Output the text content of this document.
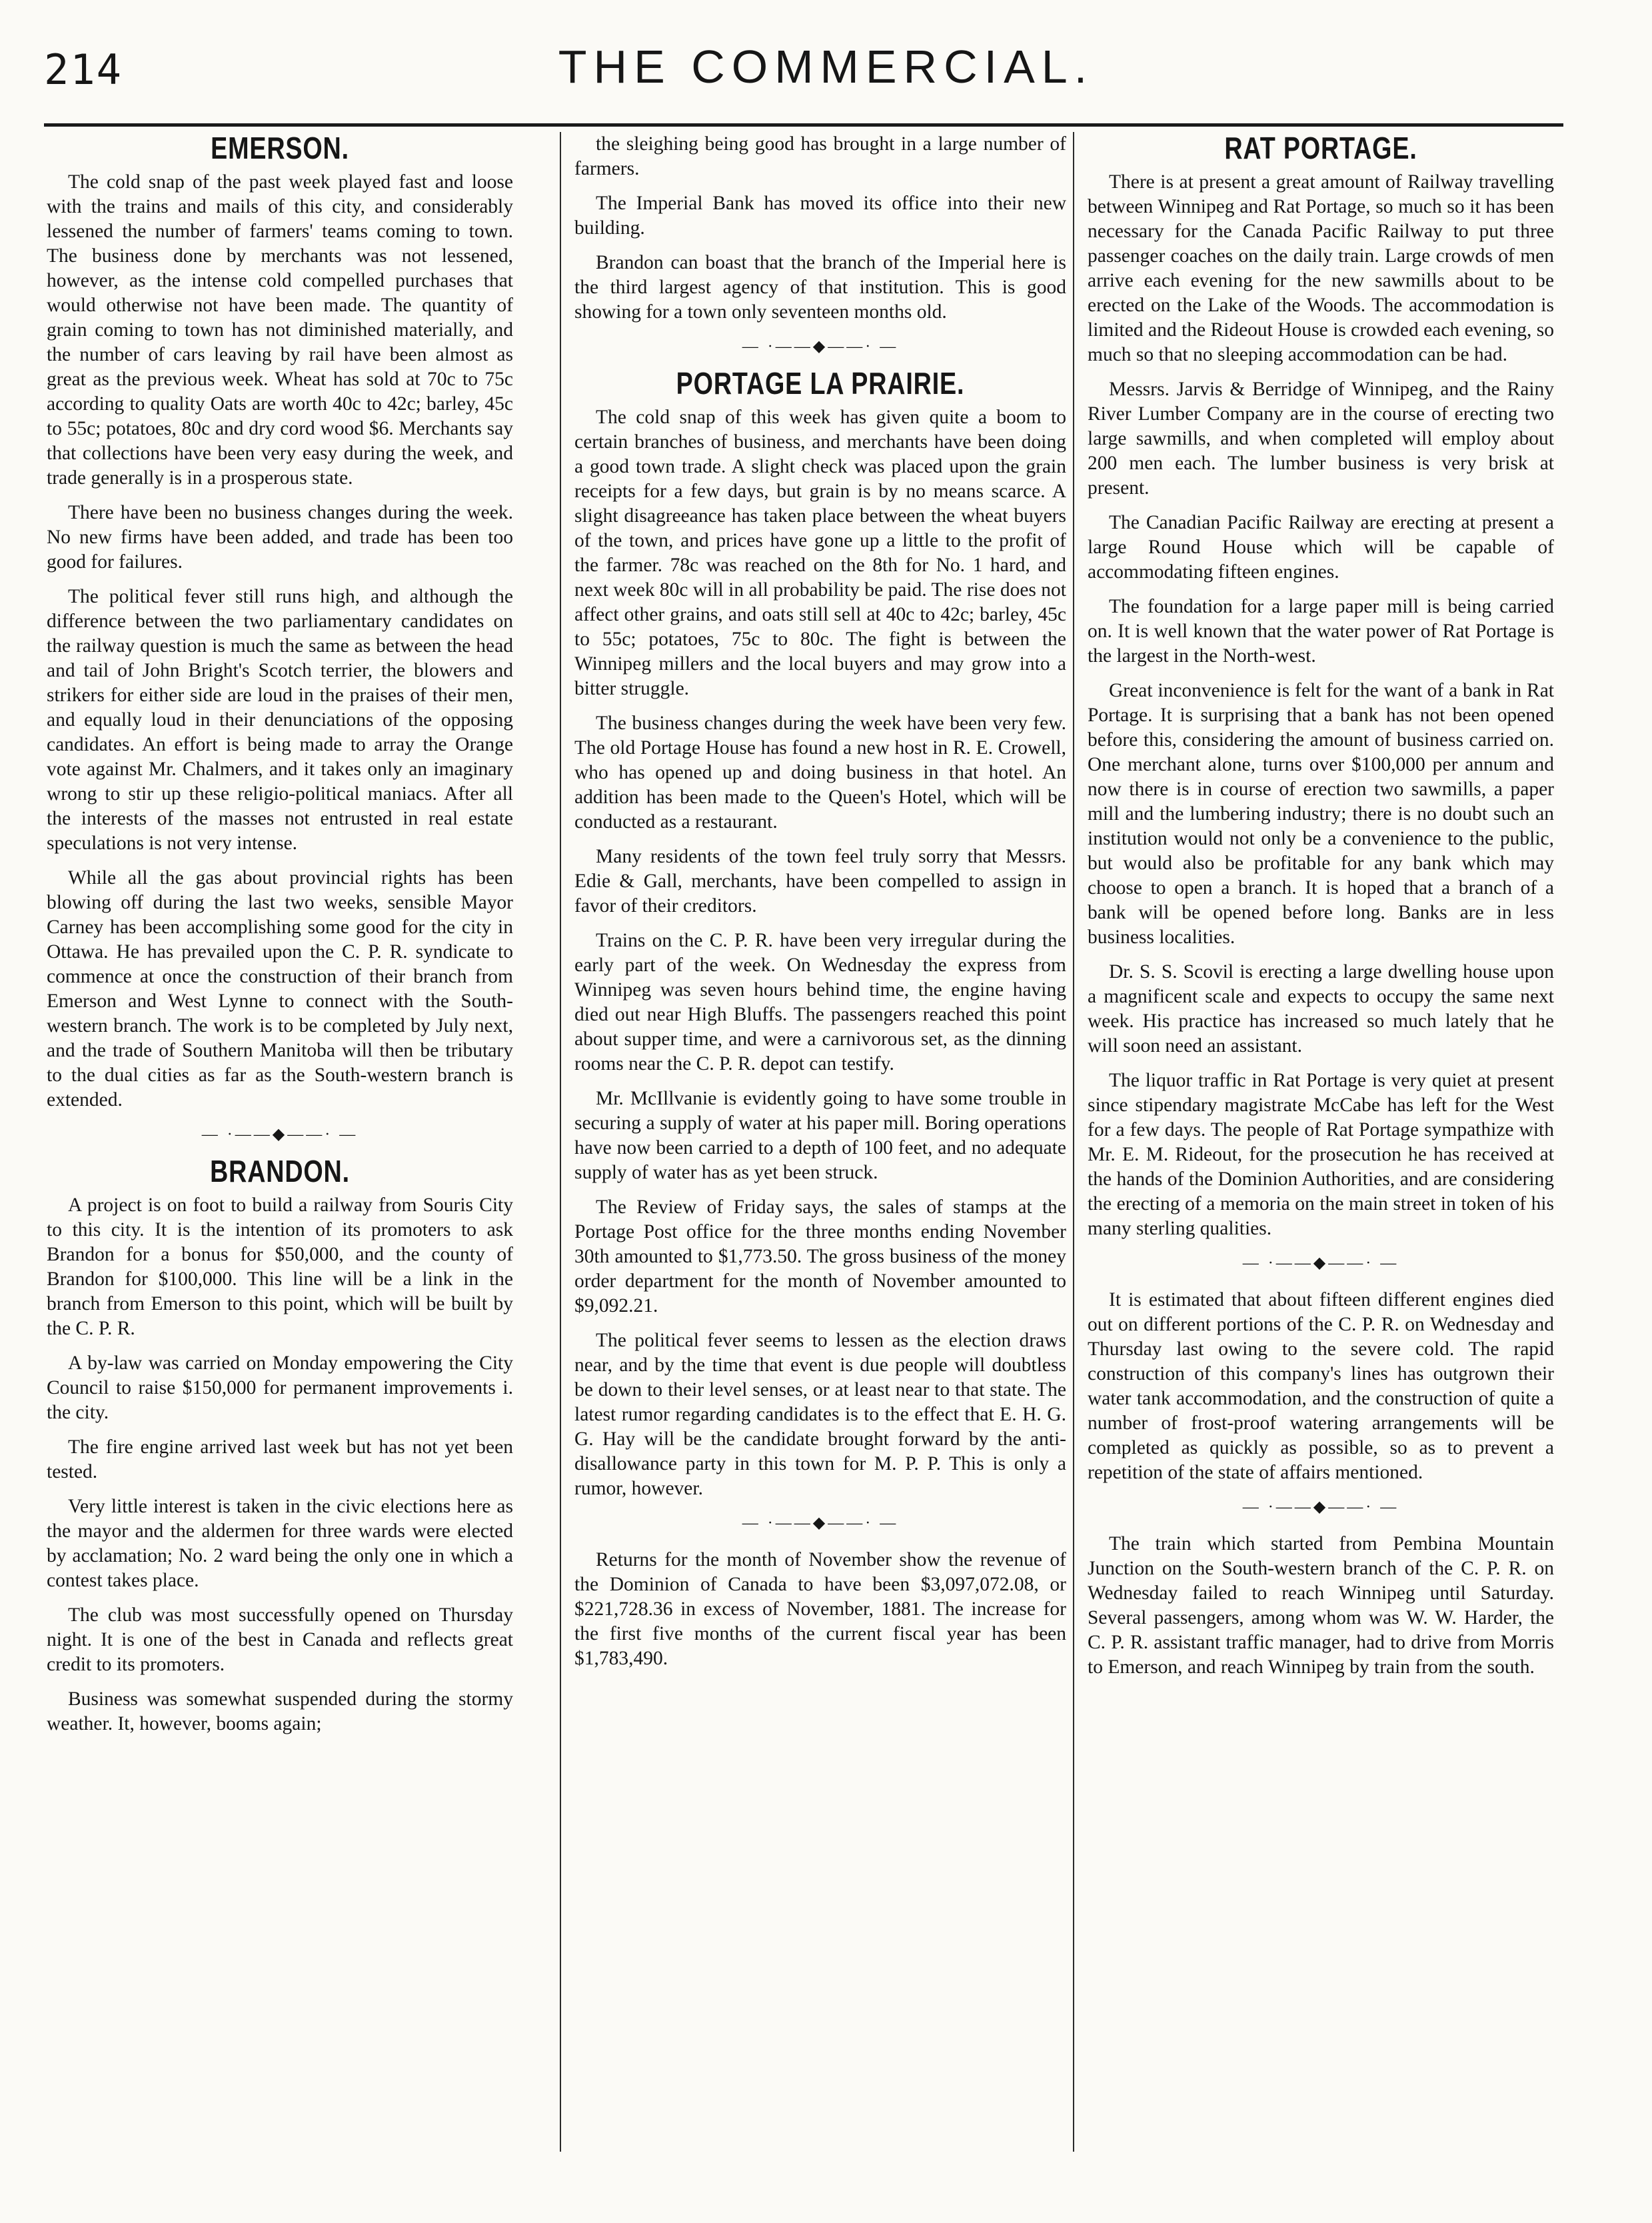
214	THE COMMERCIAL.
EMERSON.

The cold snap of the past week played fast and loose with the trains and mails of this city, and considerably lessened the number of farmers' teams coming to town. The business done by merchants was not lessened, however, as the intense cold compelled purchases that would otherwise not have been made. The quantity of grain coming to town has not diminished materially, and the number of cars leaving by rail have been almost as great as the previous week. Wheat has sold at 70c to 75c according to quality Oats are worth 40c to 42c; barley, 45c to 55c; potatoes, 80c and dry cord wood $6. Merchants say that collections have been very easy during the week, and trade generally is in a prosperous state.

There have been no business changes during the week. No new firms have been added, and trade has been too good for failures.

The political fever still runs high, and although the difference between the two parliamentary candidates on the railway question is much the same as between the head and tail of John Bright's Scotch terrier, the blowers and strikers for either side are loud in the praises of their men, and equally loud in their denunciations of the opposing candidates. An effort is being made to array the Orange vote against Mr. Chalmers, and it takes only an imaginary wrong to stir up these religio-political maniacs. After all the interests of the masses not entrusted in real estate speculations is not very intense.

While all the gas about provincial rights has been blowing off during the last two weeks, sensible Mayor Carney has been accomplishing some good for the city in Ottawa. He has prevailed upon the C. P. R. syndicate to commence at once the construction of their branch from Emerson and West Lynne to connect with the South-western branch. The work is to be completed by July next, and the trade of Southern Manitoba will then be tributary to the dual cities as far as the South-western branch is extended.

— ·——◆——· —
BRANDON.

A project is on foot to build a railway from Souris City to this city. It is the intention of its promoters to ask Brandon for a bonus for $50,000, and the county of Brandon for $100,000. This line will be a link in the branch from Emerson to this point, which will be built by the C. P. R.

A by-law was carried on Monday empowering the City Council to raise $150,000 for permanent improvements i. the city.

The fire engine arrived last week but has not yet been tested.

Very little interest is taken in the civic elections here as the mayor and the aldermen for three wards were elected by acclamation; No. 2 ward being the only one in which a contest takes place.

The club was most successfully opened on Thursday night. It is one of the best in Canada and reflects great credit to its promoters.

Business was somewhat suspended during the stormy weather. It, however, booms again;

the sleighing being good has brought in a large number of farmers.

The Imperial Bank has moved its office into their new building.

Brandon can boast that the branch of the Imperial here is the third largest agency of that institution. This is good showing for a town only seventeen months old.

— ·——◆——· —
PORTAGE LA PRAIRIE.

The cold snap of this week has given quite a boom to certain branches of business, and merchants have been doing a good town trade. A slight check was placed upon the grain receipts for a few days, but grain is by no means scarce. A slight disagreeance has taken place between the wheat buyers of the town, and prices have gone up a little to the profit of the farmer. 78c was reached on the 8th for No. 1 hard, and next week 80c will in all probability be paid. The rise does not affect other grains, and oats still sell at 40c to 42c; barley, 45c to 55c; potatoes, 75c to 80c. The fight is between the Winnipeg millers and the local buyers and may grow into a bitter struggle.

The business changes during the week have been very few. The old Portage House has found a new host in R. E. Crowell, who has opened up and doing business in that hotel. An addition has been made to the Queen's Hotel, which will be conducted as a restaurant.

Many residents of the town feel truly sorry that Messrs. Edie & Gall, merchants, have been compelled to assign in favor of their creditors.

Trains on the C. P. R. have been very irregular during the early part of the week. On Wednesday the express from Winnipeg was seven hours behind time, the engine having died out near High Bluffs. The passengers reached this point about supper time, and were a carnivorous set, as the dinning rooms near the C. P. R. depot can testify.

Mr. McIllvanie is evidently going to have some trouble in securing a supply of water at his paper mill. Boring operations have now been carried to a depth of 100 feet, and no adequate supply of water has as yet been struck.

The Review of Friday says, the sales of stamps at the Portage Post office for the three months ending November 30th amounted to $1,773.50. The gross business of the money order department for the month of November amounted to $9,092.21.

The political fever seems to lessen as the election draws near, and by the time that event is due people will doubtless be down to their level senses, or at least near to that state. The latest rumor regarding candidates is to the effect that E. H. G. G. Hay will be the candidate brought forward by the anti-disallowance party in this town for M. P. P. This is only a rumor, however.

— ·——◆——· —

Returns for the month of November show the revenue of the Dominion of Canada to have been $3,097,072.08, or $221,728.36 in excess of November, 1881. The increase for the first five months of the current fiscal year has been $1,783,490.

RAT PORTAGE.

There is at present a great amount of Railway travelling between Winnipeg and Rat Portage, so much so it has been necessary for the Canada Pacific Railway to put three passenger coaches on the daily train. Large crowds of men arrive each evening for the new sawmills about to be erected on the Lake of the Woods. The accommodation is limited and the Rideout House is crowded each evening, so much so that no sleeping accommodation can be had.

Messrs. Jarvis & Berridge of Winnipeg, and the Rainy River Lumber Company are in the course of erecting two large sawmills, and when completed will employ about 200 men each. The lumber business is very brisk at present.

The Canadian Pacific Railway are erecting at present a large Round House which will be capable of accommodating fifteen engines.

The foundation for a large paper mill is being carried on. It is well known that the water power of Rat Portage is the largest in the North-west.

Great inconvenience is felt for the want of a bank in Rat Portage. It is surprising that a bank has not been opened before this, considering the amount of business carried on. One merchant alone, turns over $100,000 per annum and now there is in course of erection two sawmills, a paper mill and the lumbering industry; there is no doubt such an institution would not only be a convenience to the public, but would also be profitable for any bank which may choose to open a branch. It is hoped that a branch of a bank will be opened before long. Banks are in less business localities.

Dr. S. S. Scovil is erecting a large dwelling house upon a magnificent scale and expects to occupy the same next week. His practice has increased so much lately that he will soon need an assistant.

The liquor traffic in Rat Portage is very quiet at present since stipendary magistrate McCabe has left for the West for a few days. The people of Rat Portage sympathize with Mr. E. M. Rideout, for the prosecution he has received at the hands of the Dominion Authorities, and are considering the erecting of a memoria on the main street in token of his many sterling qualities.

— ·——◆——· —

It is estimated that about fifteen different engines died out on different portions of the C. P. R. on Wednesday and Thursday last owing to the severe cold. The rapid construction of this company's lines has outgrown their water tank accommodation, and the construction of quite a number of frost-proof watering arrangements will be completed as quickly as possible, so as to prevent a repetition of the state of affairs mentioned.

— ·——◆——· —

The train which started from Pembina Mountain Junction on the South-western branch of the C. P. R. on Wednesday failed to reach Winnipeg until Saturday. Several passengers, among whom was W. W. Harder, the C. P. R. assistant traffic manager, had to drive from Morris to Emerson, and reach Winnipeg by train from the south.
